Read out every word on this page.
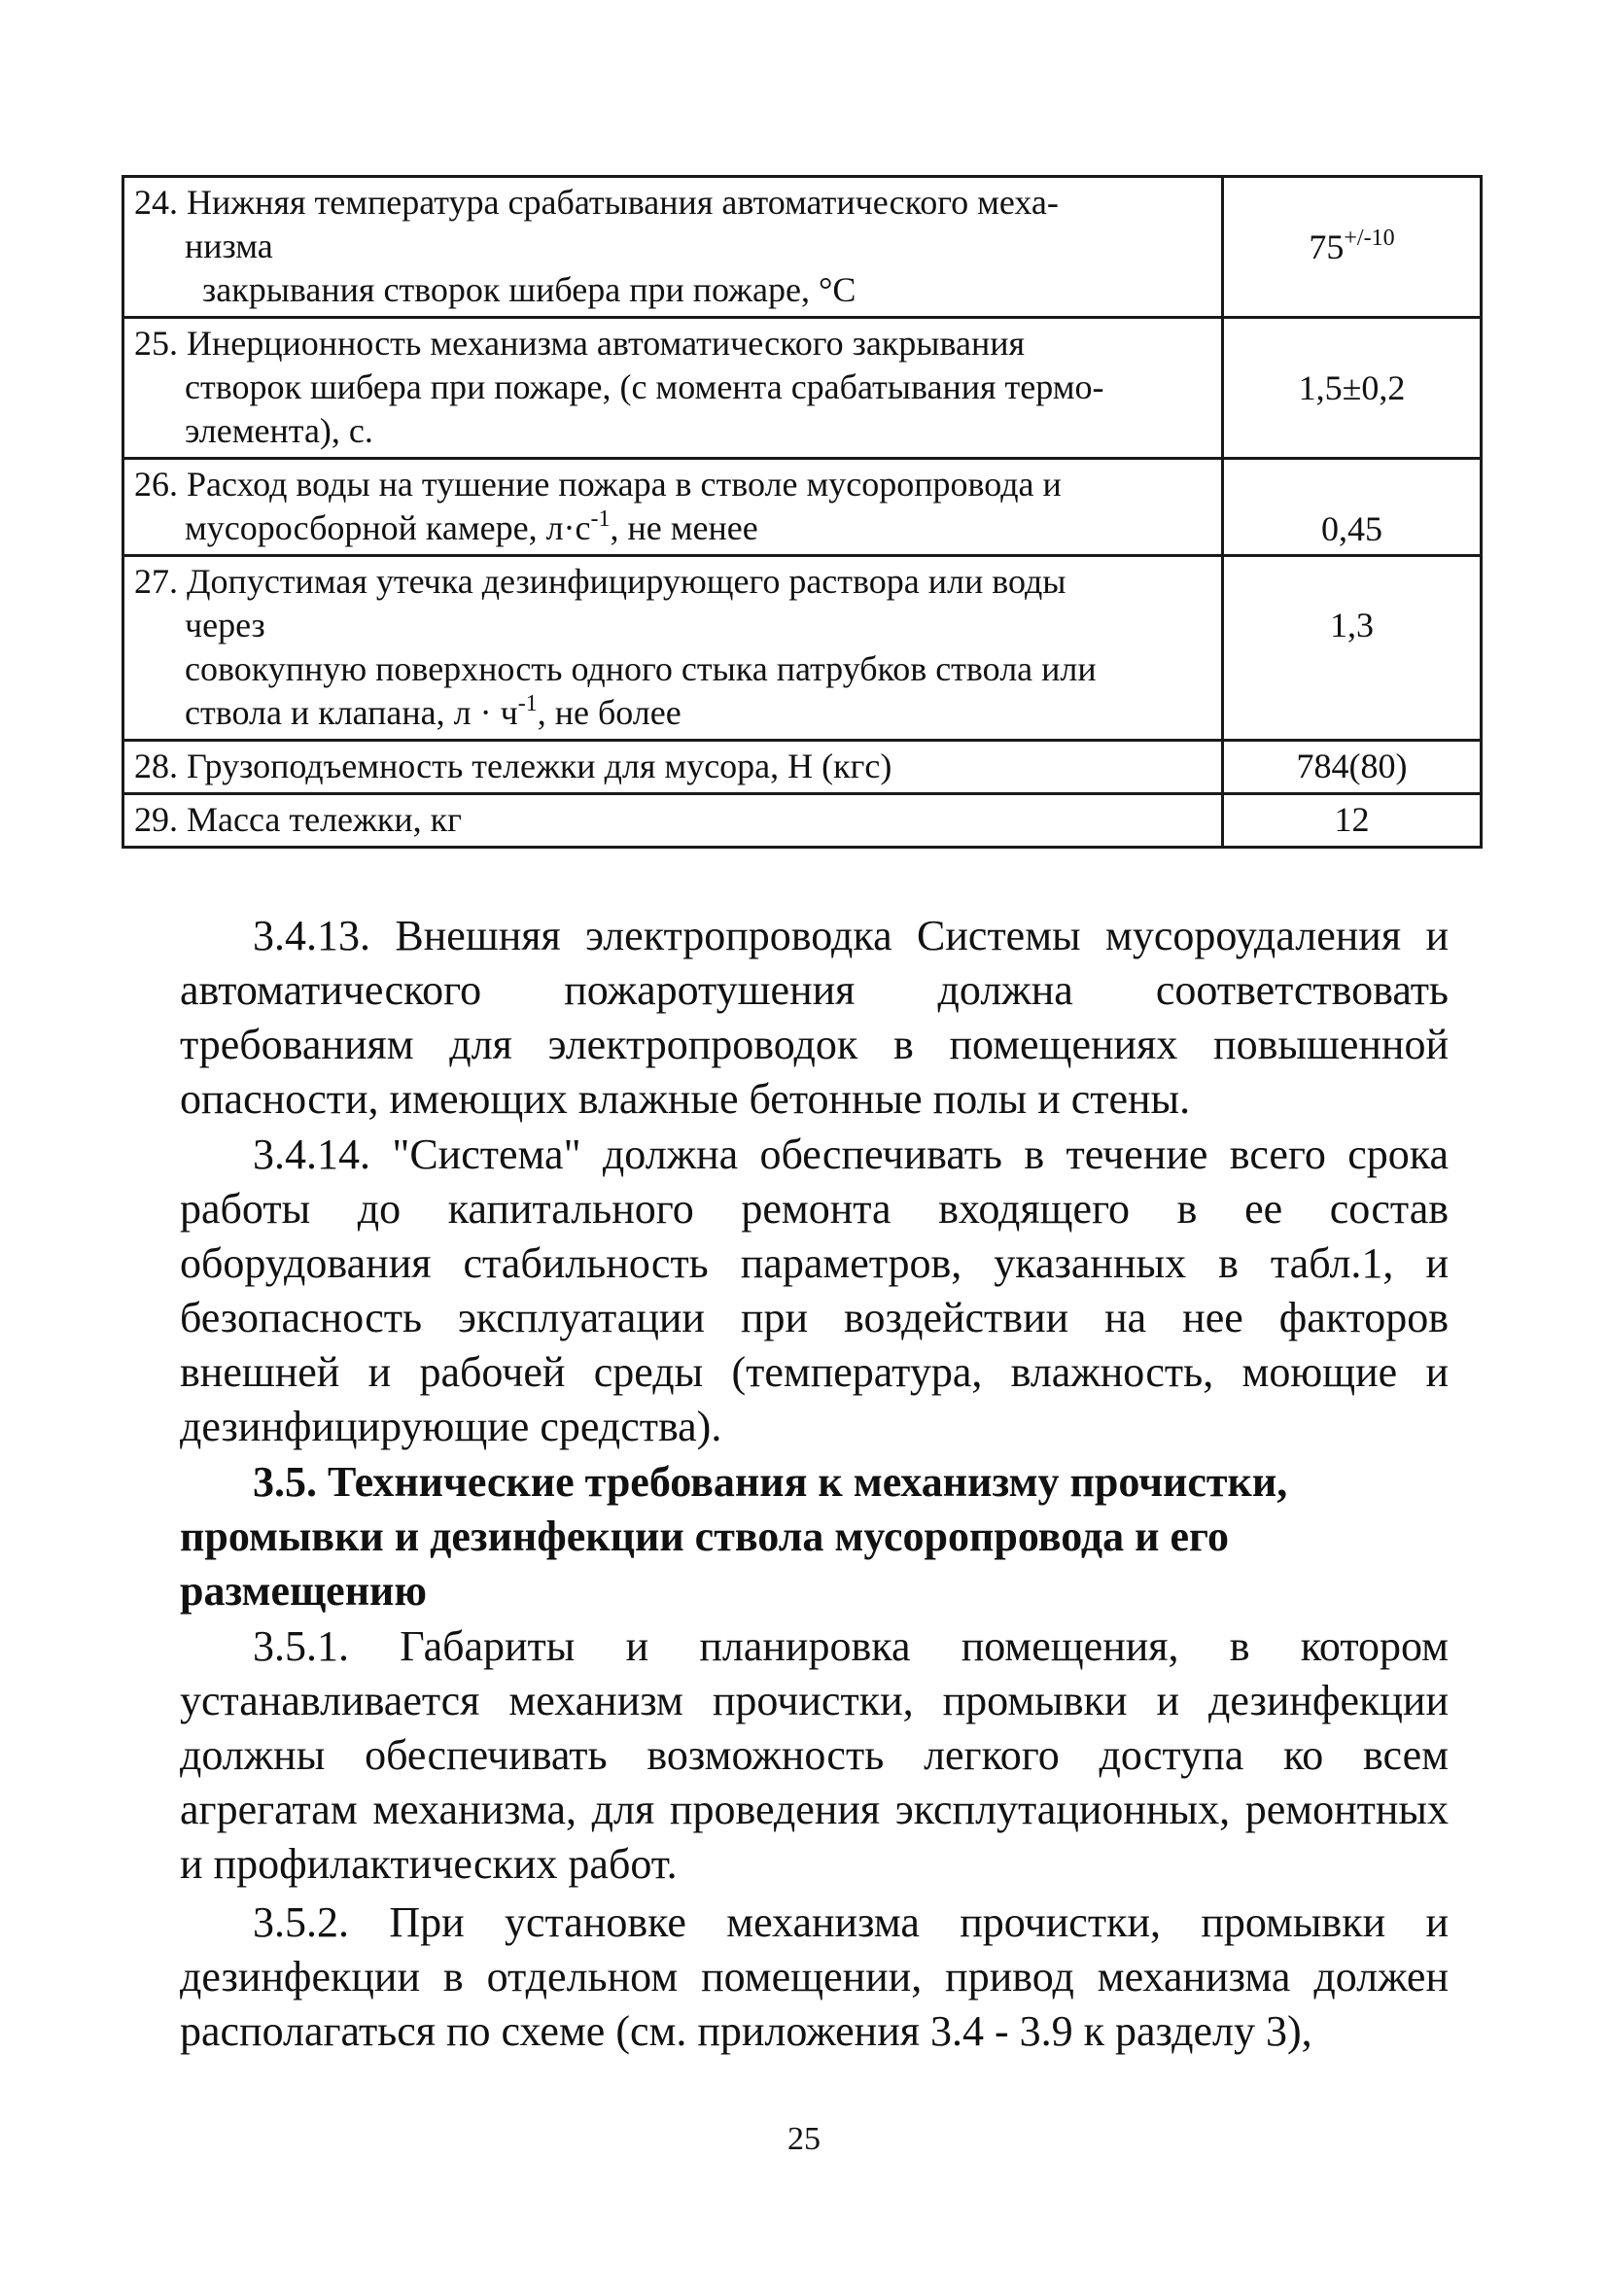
24. Нижняя температура срабатывания автоматического меха-
низма
закрывания створок шибера при пожаре, °С	$75^{+/-10}$

25. Инерционность механизма автоматического закрывания
створок шибера при пожаре, (с момента срабатывания термо-
элемента), с.	1,5±0,2

26. Расход воды на тушение пожара в стволе мусоропровода и
мусоросборной камере, $л\cdot с^{-1}$, не менее	0,45

27. Допустимая утечка дезинфицирующего раствора или воды
через
совокупную поверхность одного стыка патрубков ствола или
ствола и клапана, $л \cdot ч^{-1}$, не более	1,3

28. Грузоподъемность тележки для мусора, Н (кгс)	784(80)

29. Масса тележки, кг	12

3.4.13. Внешняя электропроводка Системы мусороудаления и автоматического пожаротушения должна соответствовать требованиям для электропроводок в помещениях повышенной опасности, имеющих влажные бетонные полы и стены.

3.4.14. "Система" должна обеспечивать в течение всего срока работы до капитального ремонта входящего в ее состав оборудования стабильность параметров, указанных в табл.1, и безопасность эксплуатации при воздействии на нее факторов внешней и рабочей среды (температура, влажность, моющие и дезинфицирующие средства).

3.5. Технические требования к механизму прочистки, промывки и дезинфекции ствола мусоропровода и его размещению

3.5.1. Габариты и планировка помещения, в котором устанавливается механизм прочистки, промывки и дезинфекции должны обеспечивать возможность легкого доступа ко всем агрегатам механизма, для проведения эксплутационных, ремонтных и профилактических работ.

3.5.2. При установке механизма прочистки, промывки и дезинфекции в отдельном помещении, привод механизма должен располагаться по схеме (см. приложения 3.4 - 3.9 к разделу 3),

25
